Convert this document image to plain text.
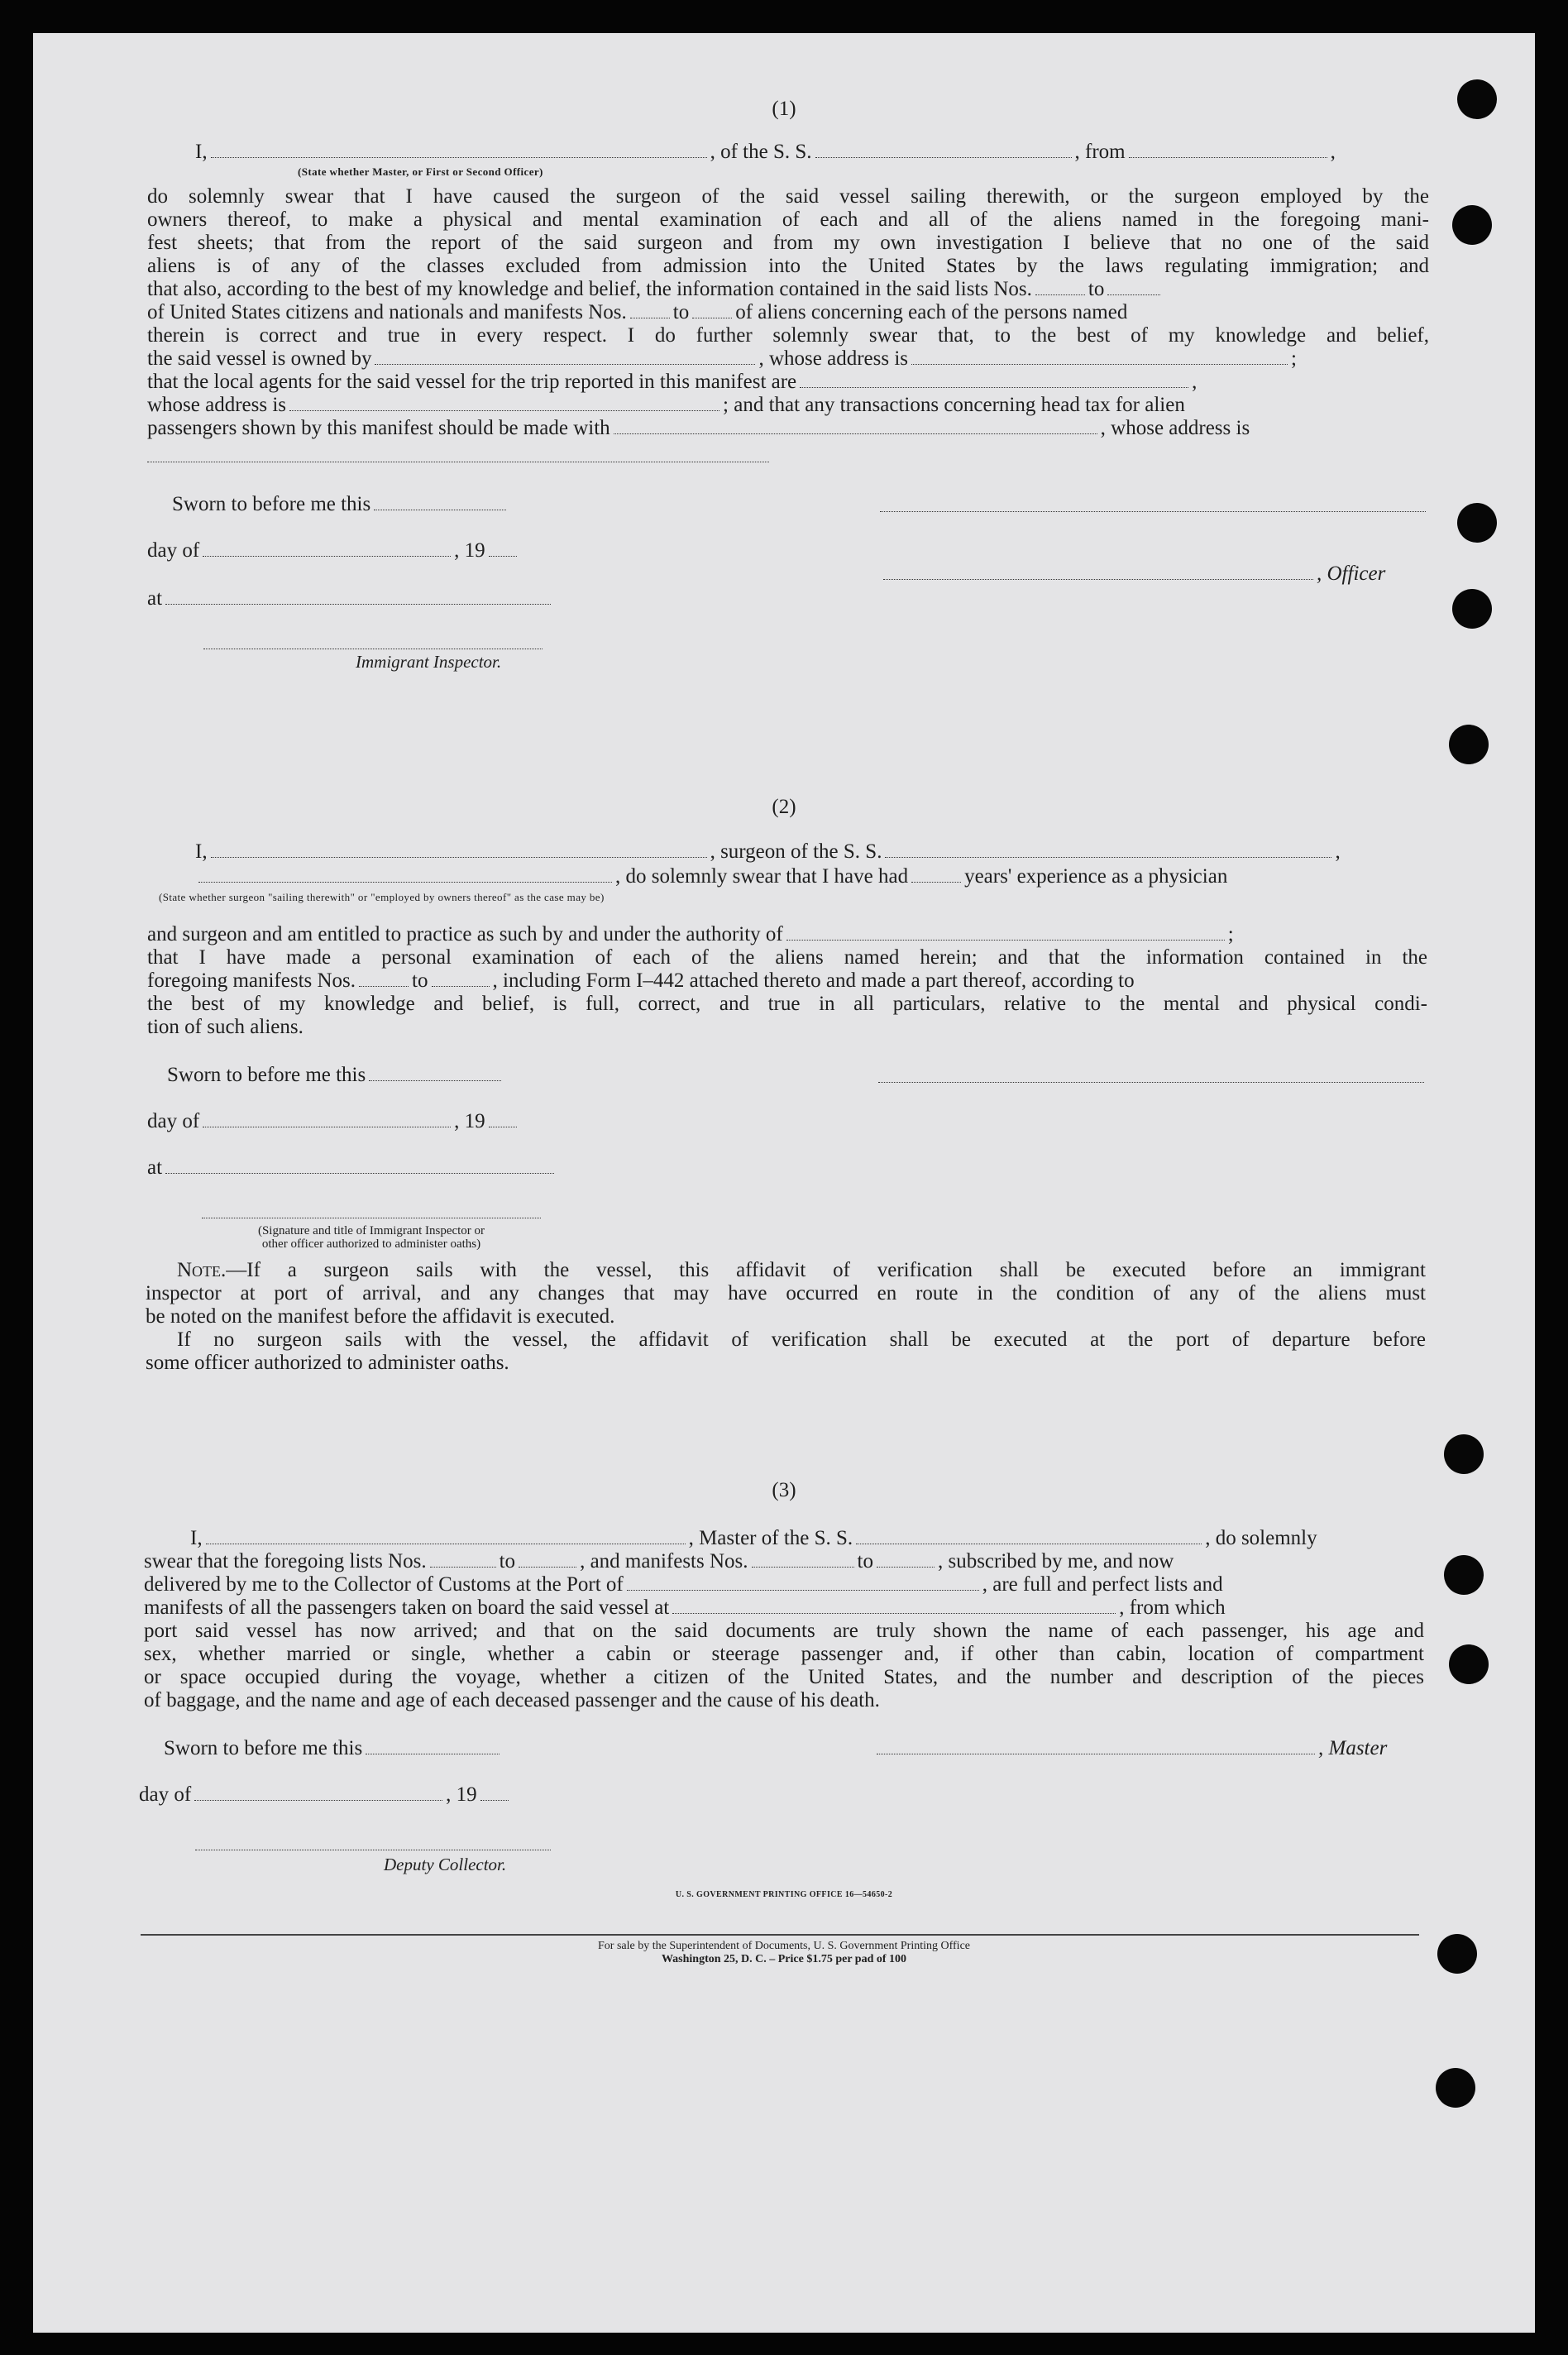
(1)
I,	, of the S. S.	, from	,
(State whether Master, or First or Second Officer)
do solemnly swear that I have caused the surgeon of the said vessel sailing therewith, or the surgeon employed by the
owners thereof, to make a physical and mental examination of each and all of the aliens named in the foregoing mani-
fest sheets; that from the report of the said surgeon and from my own investigation I believe that no one of the said
aliens is of any of the classes excluded from admission into the United States by the laws regulating immigration; and
that also, according to the best of my knowledge and belief, the information contained in the said lists Nos.	to
of United States citizens and nationals and manifests Nos. to of aliens concerning each of the persons named
therein is correct and true in every respect. I do further solemnly swear that, to the best of my knowledge and belief,
the said vessel is owned by	, whose address is	;
that the local agents for the said vessel for the trip reported in this manifest are	,
whose address is	; and that any transactions concerning head tax for alien
passengers shown by this manifest should be made with	, whose address is
Sworn to before me this
day of	, 19
, Officer
at
Immigrant Inspector.
(2)
I,	, surgeon of the S. S.	,
, do solemnly swear that I have had	years' experience as a physician
(State whether surgeon "sailing therewith" or "employed by owners thereof" as the case may be)
and surgeon and am entitled to practice as such by and under the authority of	;
that I have made a personal examination of each of the aliens named herein; and that the information contained in the
foregoing manifests Nos.	to	, including Form I–442 attached thereto and made a part thereof, according to
the best of my knowledge and belief, is full, correct, and true in all particulars, relative to the mental and physical condi-
tion of such aliens.
Sworn to before me this
day of	, 19
at
(Signature and title of Immigrant Inspector or
other officer authorized to administer oaths)
Note.—If a surgeon sails with the vessel, this affidavit of verification shall be executed before an immigrant
inspector at port of arrival, and any changes that may have occurred en route in the condition of any of the aliens must
be noted on the manifest before the affidavit is executed.
If no surgeon sails with the vessel, the affidavit of verification shall be executed at the port of departure before
some officer authorized to administer oaths.
(3)
I,	, Master of the S. S.	, do solemnly
swear that the foregoing lists Nos.	to	, and manifests Nos.	to	, subscribed by me, and now
delivered by me to the Collector of Customs at the Port of	, are full and perfect lists and
manifests of all the passengers taken on board the said vessel at	, from which
port said vessel has now arrived; and that on the said documents are truly shown the name of each passenger, his age and
sex, whether married or single, whether a cabin or steerage passenger and, if other than cabin, location of compartment
or space occupied during the voyage, whether a citizen of the United States, and the number and description of the pieces
of baggage, and the name and age of each deceased passenger and the cause of his death.
Sworn to before me this	, Master
day of	, 19
Deputy Collector.
U. S. GOVERNMENT PRINTING OFFICE 16—54650-2
For sale by the Superintendent of Documents, U. S. Government Printing Office
Washington 25, D. C. – Price $1.75 per pad of 100
